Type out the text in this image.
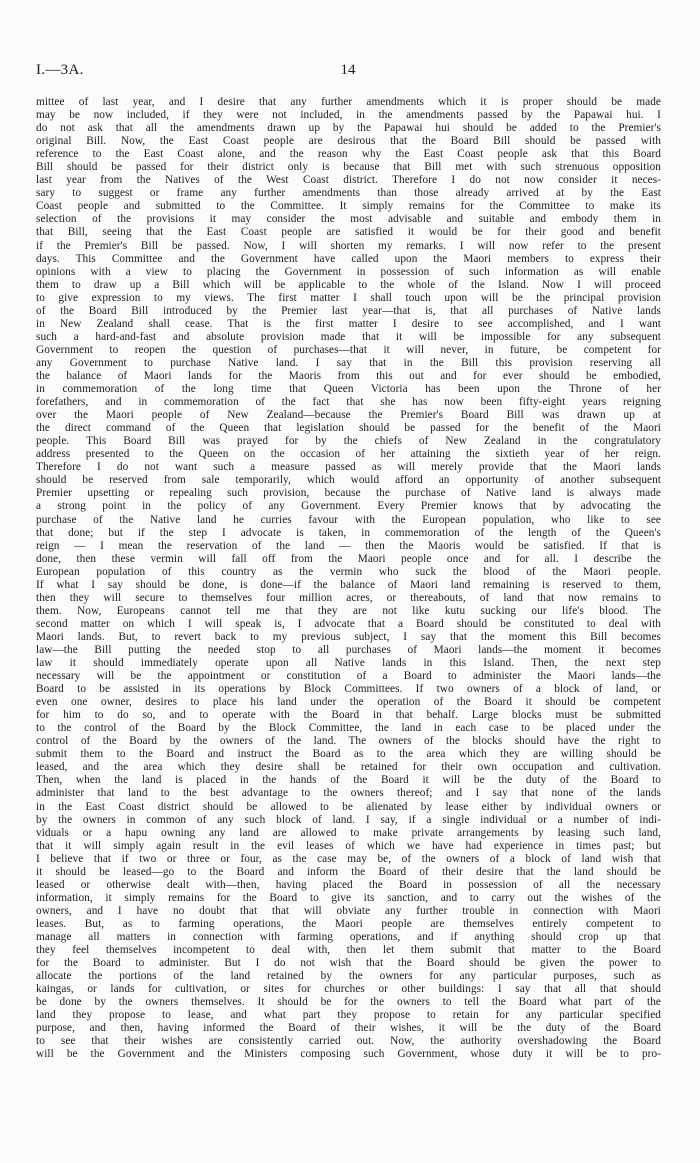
I.—3A.	14
mittee of last year, and I desire that any further amendments which it is proper should be made
may be now included, if they were not included, in the amendments passed by the Papawai hui. I
do not ask that all the amendments drawn up by the Papawai hui should be added to the Premier's
original Bill. Now, the East Coast people are desirous that the Board Bill should be passed with
reference to the East Coast alone, and the reason why the East Coast people ask that this Board
Bill should be passed for their district only is because that Bill met with such strenuous opposition
last year from the Natives of the West Coast district. Therefore I do not now consider it neces-
sary to suggest or frame any further amendments than those already arrived at by the East
Coast people and submitted to the Committee. It simply remains for the Committee to make its
selection of the provisions it may consider the most advisable and suitable and embody them in
that Bill, seeing that the East Coast people are satisfied it would be for their good and benefit
if the Premier's Bill be passed. Now, I will shorten my remarks. I will now refer to the present
days. This Committee and the Government have called upon the Maori members to express their
opinions with a view to placing the Government in possession of such information as will enable
them to draw up a Bill which will be applicable to the whole of the Island. Now I will proceed
to give expression to my views. The first matter I shall touch upon will be the principal provision
of the Board Bill introduced by the Premier last year—that is, that all purchases of Native lands
in New Zealand shall cease. That is the first matter I desire to see accomplished, and I want
such a hard-and-fast and absolute provision made that it will be impossible for any subsequent
Government to reopen the question of purchases—that it will never, in future, be competent for
any Government to purchase Native land. I say that in the Bill this provision reserving all
the balance of Maori lands for the Maoris from this out and for ever should be embodied,
in commemoration of the long time that Queen Victoria has been upon the Throne of her
forefathers, and in commemoration of the fact that she has now been fifty-eight years reigning
over the Maori people of New Zealand—because the Premier's Board Bill was drawn up at
the direct command of the Queen that legislation should be passed for the benefit of the Maori
people. This Board Bill was prayed for by the chiefs of New Zealand in the congratulatory
address presented to the Queen on the occasion of her attaining the sixtieth year of her reign.
Therefore I do not want such a measure passed as will merely provide that the Maori lands
should be reserved from sale temporarily, which would afford an opportunity of another subsequent
Premier upsetting or repealing such provision, because the purchase of Native land is always made
a strong point in the policy of any Government. Every Premier knows that by advocating the
purchase of the Native land he curries favour with the European population, who like to see
that done; but if the step I advocate is taken, in commemoration of the length of the Queen's
reign — I mean the reservation of the land — then the Maoris would be satisfied. If that is
done, then these vermin will fall off from the Maori people once and for all. I describe the
European population of this country as the vermin who suck the blood of the Maori people.
If what I say should be done, is done—if the balance of Maori land remaining is reserved to them,
then they will secure to themselves four million acres, or thereabouts, of land that now remains to
them. Now, Europeans cannot tell me that they are not like kutu sucking our life's blood. The
second matter on which I will speak is, I advocate that a Board should be constituted to deal with
Maori lands. But, to revert back to my previous subject, I say that the moment this Bill becomes
law—the Bill putting the needed stop to all purchases of Maori lands—the moment it becomes
law it should immediately operate upon all Native lands in this Island. Then, the next step
necessary will be the appointment or constitution of a Board to administer the Maori lands—the
Board to be assisted in its operations by Block Committees. If two owners of a block of land, or
even one owner, desires to place his land under the operation of the Board it should be competent
for him to do so, and to operate with the Board in that behalf. Large blocks must be submitted
to the control of the Board by the Block Committee, the land in each case to be placed under the
control of the Board by the owners of the land. The owners of the blocks should have the right to
submit them to the Board and instruct the Board as to the area which they are willing should be
leased, and the area which they desire shall be retained for their own occupation and cultivation.
Then, when the land is placed in the hands of the Board it will be the duty of the Board to
administer that land to the best advantage to the owners thereof; and I say that none of the lands
in the East Coast district should be allowed to be alienated by lease either by individual owners or
by the owners in common of any such block of land. I say, if a single individual or a number of indi-
viduals or a hapu owning any land are allowed to make private arrangements by leasing such land,
that it will simply again result in the evil leases of which we have had experience in times past; but
I believe that if two or three or four, as the case may be, of the owners of a block of land wish that
it should be leased—go to the Board and inform the Board of their desire that the land should be
leased or otherwise dealt with—then, having placed the Board in possession of all the necessary
information, it simply remains for the Board to give its sanction, and to carry out the wishes of the
owners, and I have no doubt that that will obviate any further trouble in connection with Maori
leases. But, as to farming operations, the Maori people are themselves entirely competent to
manage all matters in connection with farming operations, and if anything should crop up that
they feel themselves incompetent to deal with, then let them submit that matter to the Board
for the Board to administer. But I do not wish that the Board should be given the power to
allocate the portions of the land retained by the owners for any particular purposes, such as
kaingas, or lands for cultivation, or sites for churches or other buildings: I say that all that should
be done by the owners themselves. It should be for the owners to tell the Board what part of the
land they propose to lease, and what part they propose to retain for any particular specified
purpose, and then, having informed the Board of their wishes, it will be the duty of the Board
to see that their wishes are consistently carried out. Now, the authority overshadowing the Board
will be the Government and the Ministers composing such Government, whose duty it will be to pro-
